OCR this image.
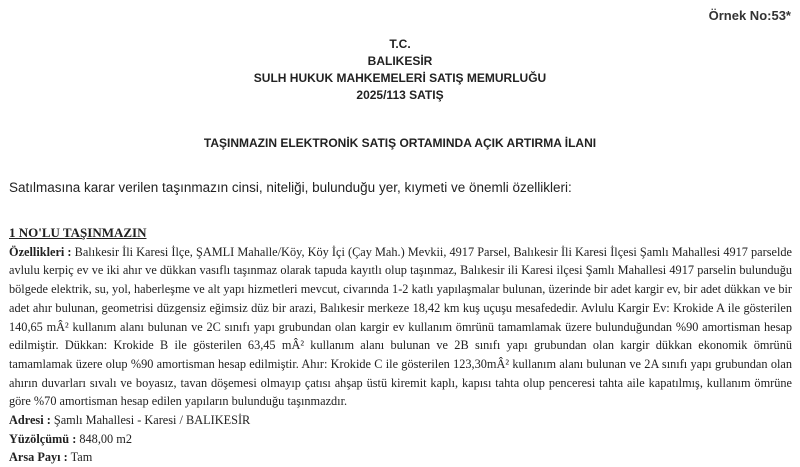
Örnek No:53*
T.C.
BALIKESİR
SULH HUKUK MAHKEMELERİ SATIŞ MEMURLUĞU
2025/113 SATIŞ
TAŞINMAZIN ELEKTRONİK SATIŞ ORTAMINDA AÇIK ARTIRMA İLANI
Satılmasına karar verilen taşınmazın cinsi, niteliği, bulunduğu yer, kıymeti ve önemli özellikleri:
1 NO'LU TAŞINMAZIN
Özellikleri : Balıkesir İli Karesi İlçe, ŞAMLI Mahalle/Köy, Köy İçi (Çay Mah.) Mevkii, 4917 Parsel, Balıkesir İli Karesi İlçesi Şamlı Mahallesi 4917 parselde avlulu kerpiç ev ve iki ahır ve dükkan vasıflı taşınmaz olarak tapuda kayıtlı olup taşınmaz, Balıkesir ili Karesi ilçesi Şamlı Mahallesi 4917 parselin bulunduğu bölgede elektrik, su, yol, haberleşme ve alt yapı hizmetleri mevcut, civarında 1-2 katlı yapılaşmalar bulunan, üzerinde bir adet kargir ev, bir adet dükkan ve bir adet ahır bulunan, geometrisi düzgensiz eğimsiz düz bir arazi, Balıkesir merkeze 18,42 km kuş uçuşu mesafededir. Avlulu Kargir Ev: Krokide A ile gösterilen 140,65 mÂ² kullanım alanı bulunan ve 2C sınıfı yapı grubundan olan kargir ev kullanım ömrünü tamamlamak üzere bulunduğundan %90 amortisman hesap edilmiştir. Dükkan: Krokide B ile gösterilen 63,45 mÂ² kullanım alanı bulunan ve 2B sınıfı yapı grubundan olan kargir dükkan ekonomik ömrünü tamamlamak üzere olup %90 amortisman hesap edilmiştir. Ahır: Krokide C ile gösterilen 123,30mÂ² kullanım alanı bulunan ve 2A sınıfı yapı grubundan olan ahırın duvarları sıvalı ve boyasız, tavan döşemesi olmayıp çatısı ahşap üstü kiremit kaplı, kapısı tahta olup penceresi tahta aile kapatılmış, kullanım ömrüne göre %70 amortisman hesap edilen yapıların bulunduğu taşınmazdır.
Adresi : Şamlı Mahallesi - Karesi / BALIKESİR
Yüzölçümü : 848,00 m2
Arsa Payı : Tam
